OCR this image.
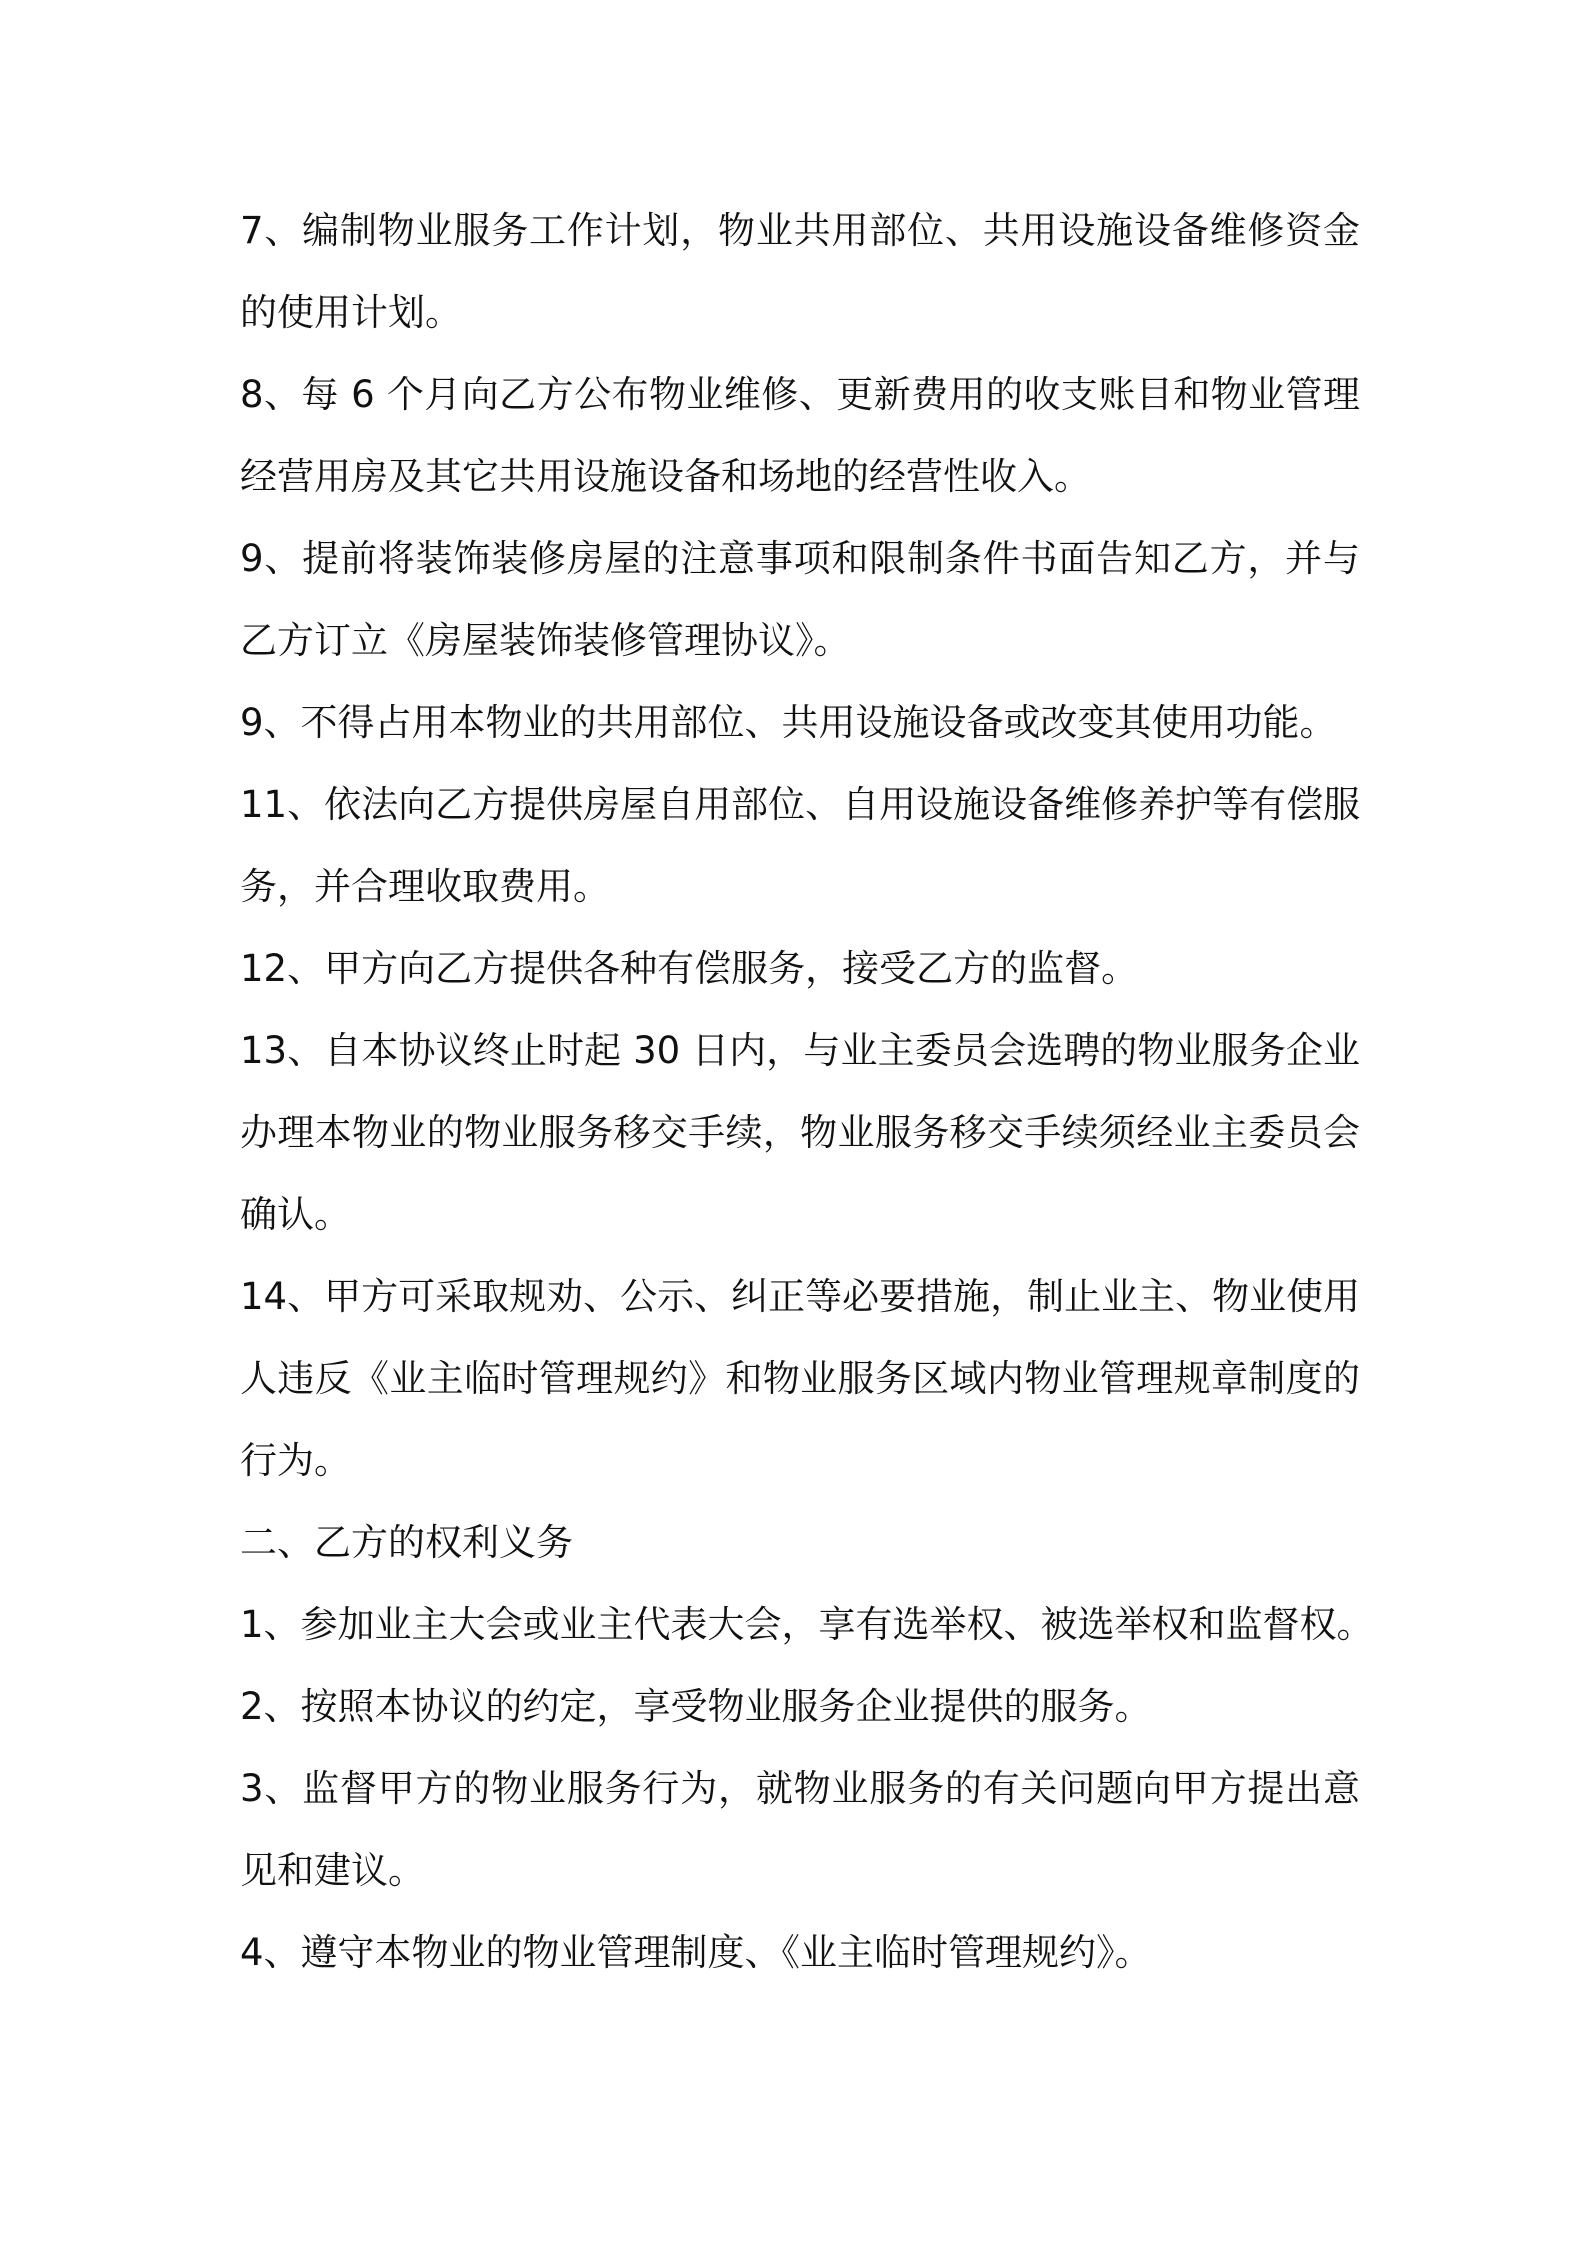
7、编制物业服务工作计划，物业共用部位、共用设施设备维修资金
的使用计划。
8、每 6 个月向乙方公布物业维修、更新费用的收支账目和物业管理
经营用房及其它共用设施设备和场地的经营性收入。
9、提前将装饰装修房屋的注意事项和限制条件书面告知乙方，并与
乙方订立《房屋装饰装修管理协议》。
9、不得占用本物业的共用部位、共用设施设备或改变其使用功能。
11、依法向乙方提供房屋自用部位、自用设施设备维修养护等有偿服
务，并合理收取费用。
12、甲方向乙方提供各种有偿服务，接受乙方的监督。
13、自本协议终止时起 30 日内，与业主委员会选聘的物业服务企业
办理本物业的物业服务移交手续，物业服务移交手续须经业主委员会
确认。
14、甲方可采取规劝、公示、纠正等必要措施，制止业主、物业使用
人违反《业主临时管理规约》和物业服务区域内物业管理规章制度的
行为。
二、乙方的权利义务
1、参加业主大会或业主代表大会，享有选举权、被选举权和监督权。
2、按照本协议的约定，享受物业服务企业提供的服务。
3、监督甲方的物业服务行为，就物业服务的有关问题向甲方提出意
见和建议。
4、遵守本物业的物业管理制度、《业主临时管理规约》。
